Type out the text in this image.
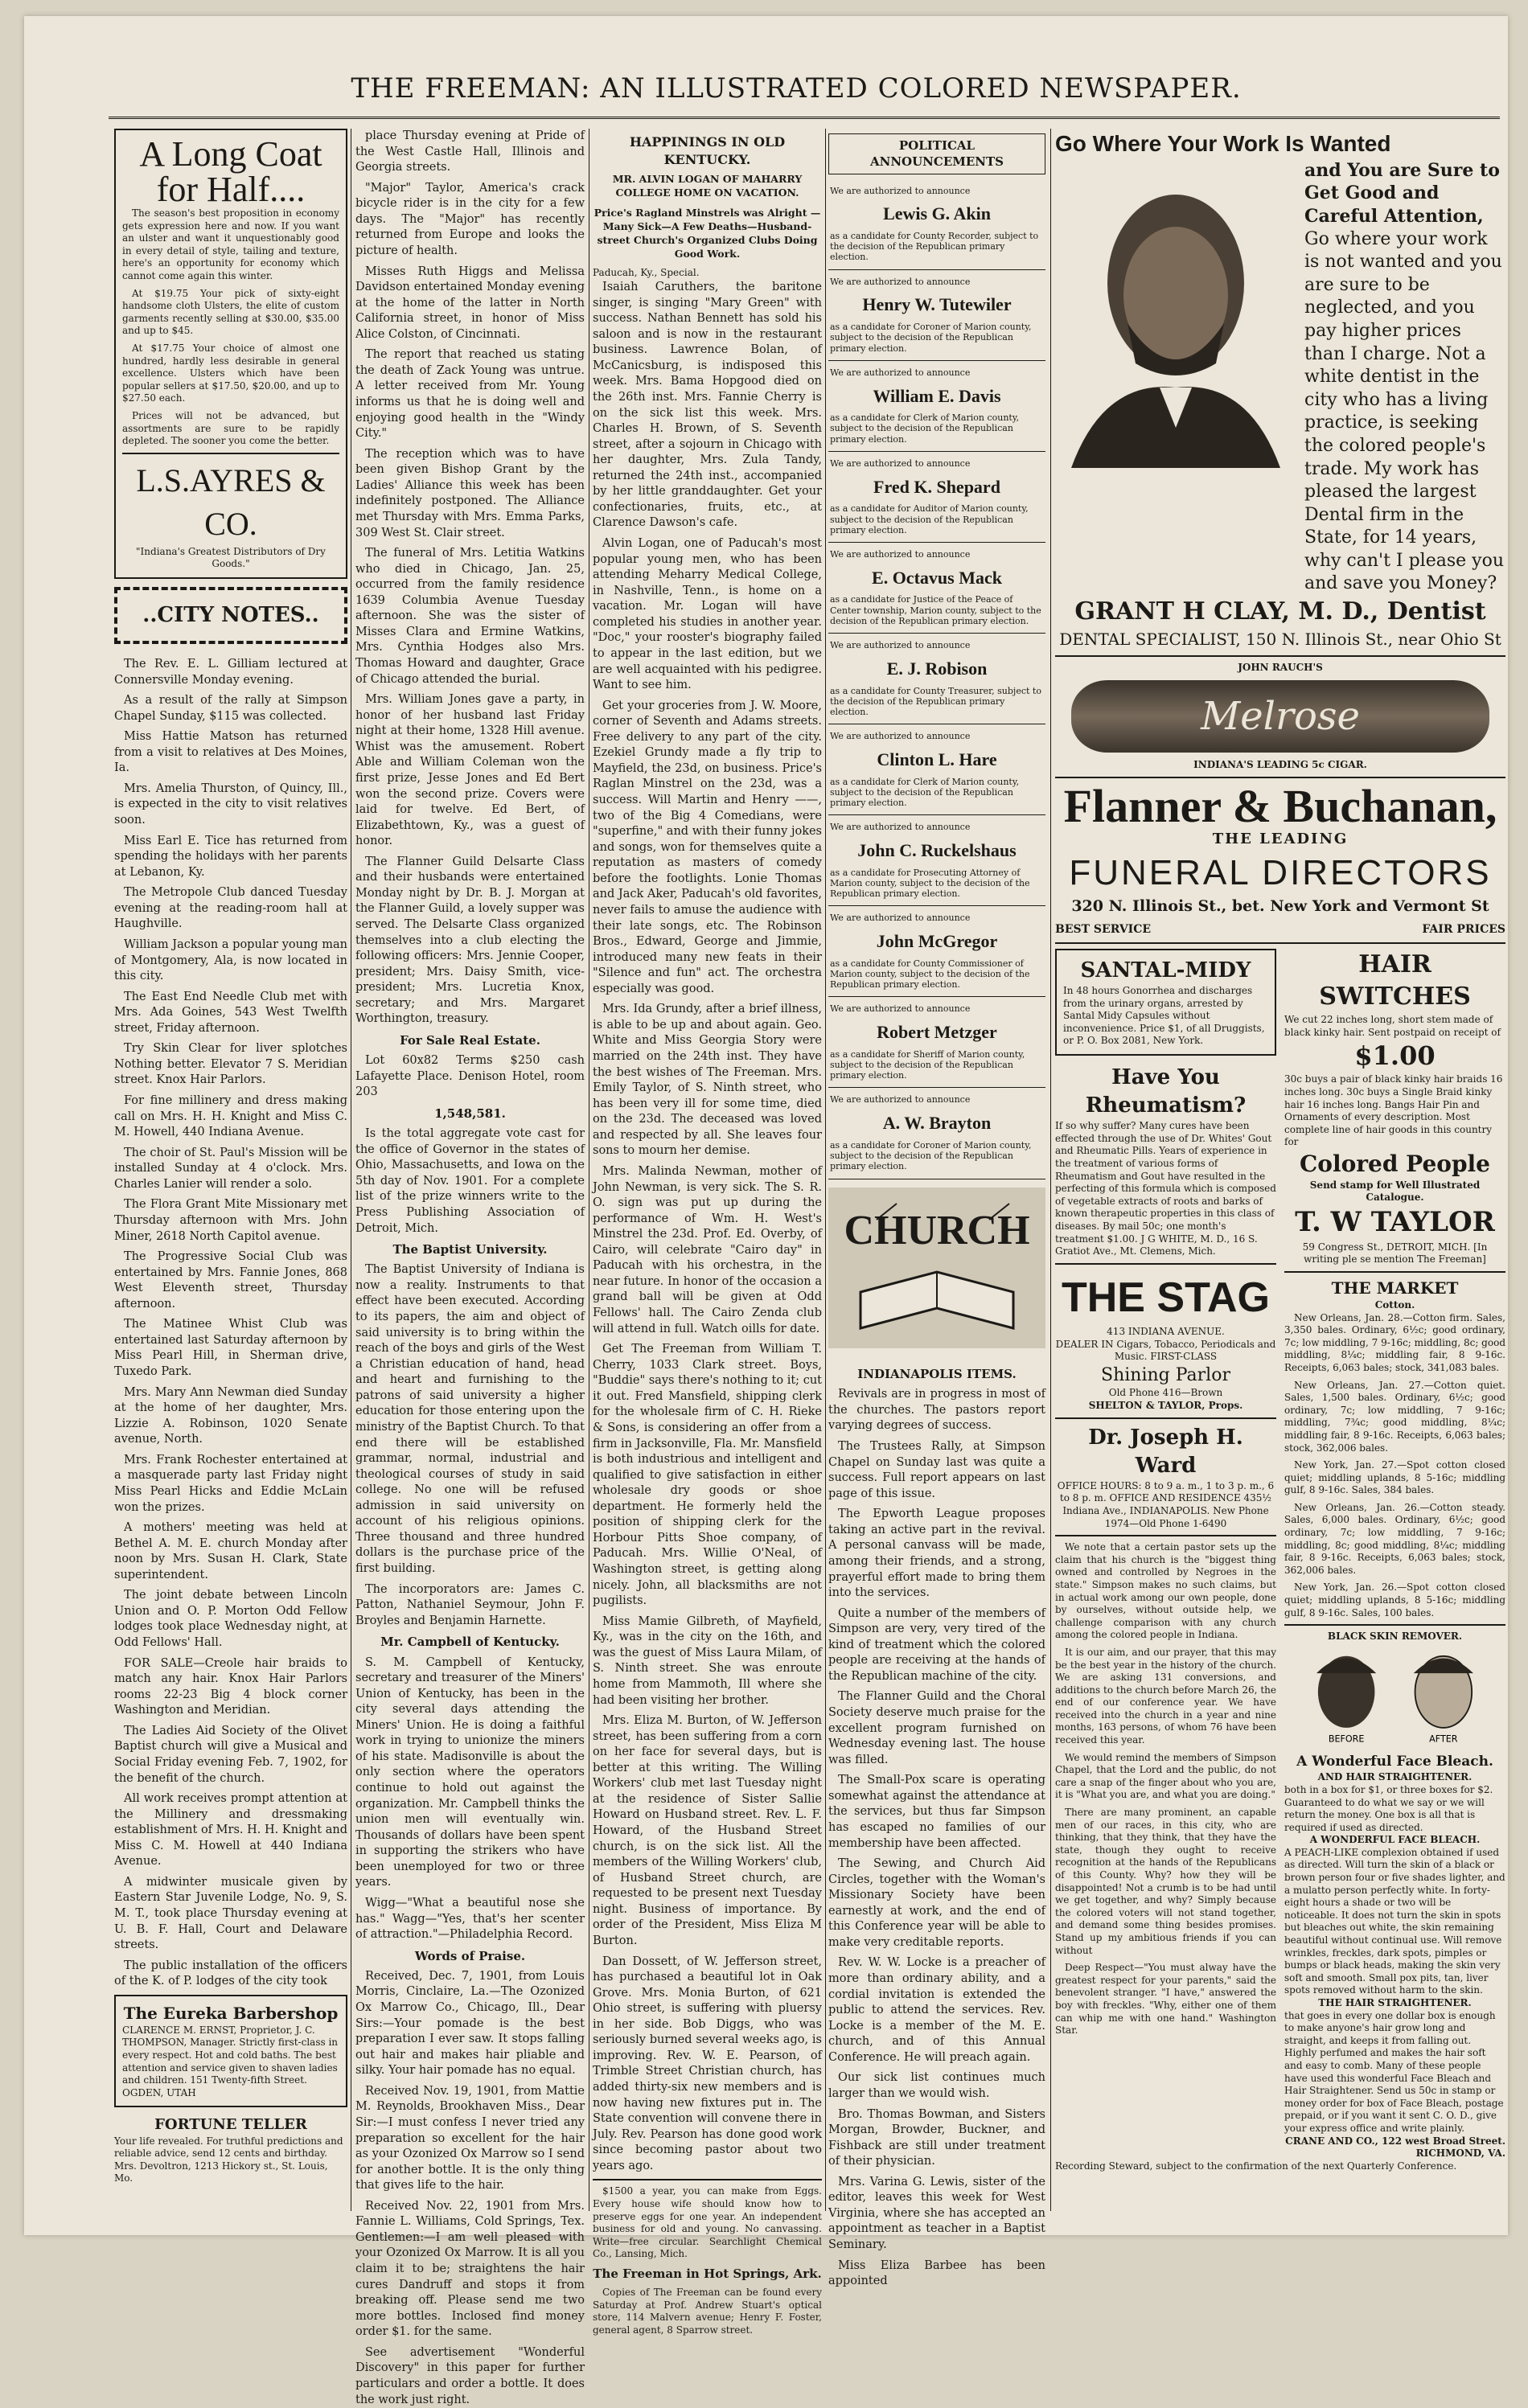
THE FREEMAN: AN ILLUSTRATED COLORED NEWSPAPER.
A Long Coat for Half....

The season's best proposition in economy gets expression here and now. If you want an ulster and want it unquestionably good in every detail of style, tailing and texture, here's an opportunity for economy which cannot come again this winter.

At $19.75 Your pick of sixty-eight handsome cloth Ulsters, the elite of custom garments recently selling at $30.00, $35.00 and up to $45.

At $17.75 Your choice of almost one hundred, hardly less desirable in general excellence. Ulsters which have been popular sellers at $17.50, $20.00, and up to $27.50 each.

Prices will not be advanced, but assortments are sure to be rapidly depleted. The sooner you come the better.

L.S.AYRES & CO.
"Indiana's Greatest Distributors of Dry Goods."
..CITY NOTES..

The Rev. E. L. Gilliam lectured at Connersville Monday evening.

As a result of the rally at Simpson Chapel Sunday, $115 was collected.

Miss Hattie Matson has returned from a visit to relatives at Des Moines, Ia.

Mrs. Amelia Thurston, of Quincy, Ill., is expected in the city to visit relatives soon.

Miss Earl E. Tice has returned from spending the holidays with her parents at Lebanon, Ky.

The Metropole Club danced Tuesday evening at the reading-room hall at Haughville.

William Jackson a popular young man of Montgomery, Ala, is now located in this city.

The East End Needle Club met with Mrs. Ada Goines, 543 West Twelfth street, Friday afternoon.

Try Skin Clear for liver splotches Nothing better. Elevator 7 S. Meridian street. Knox Hair Parlors.

For fine millinery and dress making call on Mrs. H. H. Knight and Miss C. M. Howell, 440 Indiana Avenue.

The choir of St. Paul's Mission will be installed Sunday at 4 o'clock. Mrs. Charles Lanier will render a solo.

The Flora Grant Mite Missionary met Thursday afternoon with Mrs. John Miner, 2618 North Capitol avenue.

The Progressive Social Club was entertained by Mrs. Fannie Jones, 868 West Eleventh street, Thursday afternoon.

The Matinee Whist Club was entertained last Saturday afternoon by Miss Pearl Hill, in Sherman drive, Tuxedo Park.

Mrs. Mary Ann Newman died Sunday at the home of her daughter, Mrs. Lizzie A. Robinson, 1020 Senate avenue, North.

Mrs. Frank Rochester entertained at a masquerade party last Friday night Miss Pearl Hicks and Eddie McLain won the prizes.

A mothers' meeting was held at Bethel A. M. E. church Monday after noon by Mrs. Susan H. Clark, State superintendent.

The joint debate between Lincoln Union and O. P. Morton Odd Fellow lodges took place Wednesday night, at Odd Fellows' Hall.

FOR SALE—Creole hair braids to match any hair. Knox Hair Parlors rooms 22-23 Big 4 block corner Washington and Meridian.

The Ladies Aid Society of the Olivet Baptist church will give a Musical and Social Friday evening Feb. 7, 1902, for the benefit of the church.

All work receives prompt attention at the Millinery and dressmaking establishment of Mrs. H. H. Knight and Miss C. M. Howell at 440 Indiana Avenue.

A midwinter musicale given by Eastern Star Juvenile Lodge, No. 9, S. M. T., took place Thursday evening at U. B. F. Hall, Court and Delaware streets.

The public installation of the officers of the K. of P. lodges of the city took

The Eureka Barbershop
CLARENCE M. ERNST, Proprietor, J. C. THOMPSON, Manager. Strictly first-class in every respect. Hot and cold baths. The best attention and service given to shaven ladies and children. 151 Twenty-fifth Street. OGDEN, UTAH
FORTUNE TELLER
Your life revealed. For truthful predictions and reliable advice, send 12 cents and birthday. Mrs. Devoltron, 1213 Hickory st., St. Louis, Mo.

place Thursday evening at Pride of the West Castle Hall, Illinois and Georgia streets.

"Major" Taylor, America's crack bicycle rider is in the city for a few days. The "Major" has recently returned from Europe and looks the picture of health.

Misses Ruth Higgs and Melissa Davidson entertained Monday evening at the home of the latter in North California street, in honor of Miss Alice Colston, of Cincinnati.

The report that reached us stating the death of Zack Young was untrue. A letter received from Mr. Young informs us that he is doing well and enjoying good health in the "Windy City."

The reception which was to have been given Bishop Grant by the Ladies' Alliance this week has been indefinitely postponed. The Alliance met Thursday with Mrs. Emma Parks, 309 West St. Clair street.

The funeral of Mrs. Letitia Watkins who died in Chicago, Jan. 25, occurred from the family residence 1639 Columbia Avenue Tuesday afternoon. She was the sister of Misses Clara and Ermine Watkins, Mrs. Cynthia Hodges also Mrs. Thomas Howard and daughter, Grace of Chicago attended the burial.

Mrs. William Jones gave a party, in honor of her husband last Friday night at their home, 1328 Hill avenue. Whist was the amusement. Robert Able and William Coleman won the first prize, Jesse Jones and Ed Bert won the second prize. Covers were laid for twelve. Ed Bert, of Elizabethtown, Ky., was a guest of honor.

The Flanner Guild Delsarte Class and their husbands were entertained Monday night by Dr. B. J. Morgan at the Flanner Guild, a lovely supper was served. The Delsarte Class organized themselves into a club electing the following officers: Mrs. Jennie Cooper, president; Mrs. Daisy Smith, vice-president; Mrs. Lucretia Knox, secretary; and Mrs. Margaret Worthington, treasury.

For Sale Real Estate.

Lot 60x82 Terms $250 cash Lafayette Place. Denison Hotel, room 203

1,548,581.

Is the total aggregate vote cast for the office of Governor in the states of Ohio, Massachusetts, and Iowa on the 5th day of Nov. 1901. For a complete list of the prize winners write to the Press Publishing Association of Detroit, Mich.

The Baptist University.

The Baptist University of Indiana is now a reality. Instruments to that effect have been executed. According to its papers, the aim and object of said university is to bring within the reach of the boys and girls of the West a Christian education of hand, head and heart and furnishing to the patrons of said university a higher education for those entering upon the ministry of the Baptist Church. To that end there will be established grammar, normal, industrial and theological courses of study in said college. No one will be refused admission in said university on account of his religious opinions. Three thousand and three hundred dollars is the purchase price of the first building.

The incorporators are: James C. Patton, Nathaniel Seymour, John F. Broyles and Benjamin Harnette.

Mr. Campbell of Kentucky.

S. M. Campbell of Kentucky, secretary and treasurer of the Miners' Union of Kentucky, has been in the city several days attending the Miners' Union. He is doing a faithful work in trying to unionize the miners of his state. Madisonville is about the only section where the operators continue to hold out against the organization. Mr. Campbell thinks the union men will eventually win. Thousands of dollars have been spent in supporting the strikers who have been unemployed for two or three years.

Wigg—"What a beautiful nose she has." Wagg—"Yes, that's her scenter of attraction."—Philadelphia Record.

Words of Praise.

Received, Dec. 7, 1901, from Louis Morris, Cinclaire, La.—The Ozonized Ox Marrow Co., Chicago, Ill., Dear Sirs:—Your pomade is the best preparation I ever saw. It stops falling out hair and makes hair pliable and silky. Your hair pomade has no equal.

Received Nov. 19, 1901, from Mattie M. Reynolds, Brookhaven Miss., Dear Sir:—I must confess I never tried any preparation so excellent for the hair as your Ozonized Ox Marrow so I send for another bottle. It is the only thing that gives life to the hair.

Received Nov. 22, 1901 from Mrs. Fannie L. Williams, Cold Springs, Tex. Gentlemen:—I am well pleased with your Ozonized Ox Marrow. It is all you claim it to be; straightens the hair cures Dandruff and stops it from breaking off. Please send me two more bottles. Inclosed find money order $1. for the same.

See advertisement "Wonderful Discovery" in this paper for further particulars and order a bottle. It does the work just right.

HAPPININGS IN OLD KENTUCKY.
MR. ALVIN LOGAN OF MAHARRY COLLEGE HOME ON VACATION.
Price's Ragland Minstrels was Alright —Many Sick—A Few Deaths—Husband-street Church's Organized Clubs Doing Good Work.
Paducah, Ky., Special.

Isaiah Caruthers, the baritone singer, is singing "Mary Green" with success. Nathan Bennett has sold his saloon and is now in the restaurant business. Lawrence Bolan, of McCanicsburg, is indisposed this week. Mrs. Bama Hopgood died on the 26th inst. Mrs. Fannie Cherry is on the sick list this week. Mrs. Charles H. Brown, of S. Seventh street, after a sojourn in Chicago with her daughter, Mrs. Zula Tandy, returned the 24th inst., accompanied by her little granddaughter. Get your confectionaries, fruits, etc., at Clarence Dawson's cafe.

Alvin Logan, one of Paducah's most popular young men, who has been attending Meharry Medical College, in Nashville, Tenn., is home on a vacation. Mr. Logan will have completed his studies in another year. "Doc," your rooster's biography failed to appear in the last edition, but we are well acquainted with his pedigree. Want to see him.

Get your groceries from J. W. Moore, corner of Seventh and Adams streets. Free delivery to any part of the city. Ezekiel Grundy made a fly trip to Mayfield, the 23d, on business. Price's Raglan Minstrel on the 23d, was a success. Will Martin and Henry ——, two of the Big 4 Comedians, were "superfine," and with their funny jokes and songs, won for themselves quite a reputation as masters of comedy before the footlights. Lonie Thomas and Jack Aker, Paducah's old favorites, never fails to amuse the audience with their late songs, etc. The Robinson Bros., Edward, George and Jimmie, introduced many new feats in their "Silence and fun" act. The orchestra especially was good.

Mrs. Ida Grundy, after a brief illness, is able to be up and about again. Geo. White and Miss Georgia Story were married on the 24th inst. They have the best wishes of The Freeman. Mrs. Emily Taylor, of S. Ninth street, who has been very ill for some time, died on the 23d. The deceased was loved and respected by all. She leaves four sons to mourn her demise.

Mrs. Malinda Newman, mother of John Newman, is very sick. The S. R. O. sign was put up during the performance of Wm. H. West's Minstrel the 23d. Prof. Ed. Overby, of Cairo, will celebrate "Cairo day" in Paducah with his orchestra, in the near future. In honor of the occasion a grand ball will be given at Odd Fellows' hall. The Cairo Zenda club will attend in full. Watch oills for date.

Get The Freeman from William T. Cherry, 1033 Clark street. Boys, "Buddie" says there's nothing to it; cut it out. Fred Mansfield, shipping clerk for the wholesale firm of C. H. Rieke & Sons, is considering an offer from a firm in Jacksonville, Fla. Mr. Mansfield is both industrious and intelligent and qualified to give satisfaction in either wholesale dry goods or shoe department. He formerly held the position of shipping clerk for the Horbour Pitts Shoe company, of Paducah. Mrs. Willie O'Neal, of Washington street, is getting along nicely. John, all blacksmiths are not pugilists.

Miss Mamie Gilbreth, of Mayfield, Ky., was in the city on the 16th, and was the guest of Miss Laura Milam, of S. Ninth street. She was enroute home from Mammoth, Ill where she had been visiting her brother.

Mrs. Eliza M. Burton, of W. Jefferson street, has been suffering from a corn on her face for several days, but is better at this writing. The Willing Workers' club met last Tuesday night at the residence of Sister Sallie Howard on Husband street. Rev. L. F. Howard, of the Husband Street church, is on the sick list. All the members of the Willing Workers' club, of Husband Street church, are requested to be present next Tuesday night. Business of importance. By order of the President, Miss Eliza M Burton.

Dan Dossett, of W. Jefferson street, has purchased a beautiful lot in Oak Grove. Mrs. Monia Burton, of 621 Ohio street, is suffering with pluersy in her side. Bob Diggs, who was seriously burned several weeks ago, is improving. Rev. W. E. Pearson, of Trimble Street Christian church, has added thirty-six new members and is now having new fixtures put in. The State convention will convene there in July. Rev. Pearson has done good work since becoming pastor about two years ago.

$1500 a year, you can make from Eggs. Every house wife should know how to preserve eggs for one year. An independent business for old and young. No canvassing. Write—free circular. Searchlight Chemical Co., Lansing, Mich.

The Freeman in Hot Springs, Ark.

Copies of The Freeman can be found every Saturday at Prof. Andrew Stuart's optical store, 114 Malvern avenue; Henry F. Foster, general agent, 8 Sparrow street.

POLITICAL ANNOUNCEMENTS
We are authorized to announce
Lewis G. Akin
as a candidate for County Recorder, subject to the decision of the Republican primary election.
We are authorized to announce
Henry W. Tutewiler
as a candidate for Coroner of Marion county, subject to the decision of the Republican primary election.
We are authorized to announce
William E. Davis
as a candidate for Clerk of Marion county, subject to the decision of the Republican primary election.
We are authorized to announce
Fred K. Shepard
as a candidate for Auditor of Marion county, subject to the decision of the Republican primary election.
We are authorized to announce
E. Octavus Mack
as a candidate for Justice of the Peace of Center township, Marion county, subject to the decision of the Republican primary election.
We are authorized to announce
E. J. Robison
as a candidate for County Treasurer, subject to the decision of the Republican primary election.
We are authorized to announce
Clinton L. Hare
as a candidate for Clerk of Marion county, subject to the decision of the Republican primary election.
We are authorized to announce
John C. Ruckelshaus
as a candidate for Prosecuting Attorney of Marion county, subject to the decision of the Republican primary election.
We are authorized to announce
John McGregor
as a candidate for County Commissioner of Marion county, subject to the decision of the Republican primary election.
We are authorized to announce
Robert Metzger
as a candidate for Sheriff of Marion county, subject to the decision of the Republican primary election.
We are authorized to announce
A. W. Brayton
as a candidate for Coroner of Marion county, subject to the decision of the Republican primary election.
CHURCH
INDIANAPOLIS ITEMS.

Revivals are in progress in most of the churches. The pastors report varying degrees of success.

The Trustees Rally, at Simpson Chapel on Sunday last was quite a success. Full report appears on last page of this issue.

The Epworth League proposes taking an active part in the revival. A personal canvass will be made, among their friends, and a strong, prayerful effort made to bring them into the services.

Quite a number of the members of Simpson are very, very tired of the kind of treatment which the colored people are receiving at the hands of the Republican machine of the city.

The Flanner Guild and the Choral Society deserve much praise for the excellent program furnished on Wednesday evening last. The house was filled.

The Small-Pox scare is operating somewhat against the attendance at the services, but thus far Simpson has escaped no families of our membership have been affected.

The Sewing, and Church Aid Circles, together with the Woman's Missionary Society have been earnestly at work, and the end of this Conference year will be able to make very creditable reports.

Rev. W. W. Locke is a preacher of more than ordinary ability, and a cordial invitation is extended the public to attend the services. Rev. Locke is a member of the M. E. church, and of this Annual Conference. He will preach again.

Our sick list continues much larger than we would wish.

Bro. Thomas Bowman, and Sisters Morgan, Browder, Buckner, and Fishback are still under treatment of their physician.

Mrs. Varina G. Lewis, sister of the editor, leaves this week for West Virginia, where she has accepted an appointment as teacher in a Baptist Seminary.

Miss Eliza Barbee has been appointed

Go Where Your Work Is Wanted
and You are Sure to Get Good and Careful Attention,
Go where your work is not wanted and you are sure to be neglected, and you pay higher prices than I charge. Not a white dentist in the city who has a living practice, is seeking the colored people's trade. My work has pleased the largest Dental firm in the State, for 14 years, why can't I please you and save you Money?
GRANT H CLAY, M. D., Dentist
DENTAL SPECIALIST, 150 N. Illinois St., near Ohio St
JOHN RAUCH'S
Melrose
INDIANA'S LEADING 5c CIGAR.
Flanner & Buchanan,
THE LEADING
FUNERAL DIRECTORS
320 N. Illinois St., bet. New York and Vermont St
BEST SERVICE	FAIR PRICES
SANTAL-MIDY
In 48 hours Gonorrhea and discharges from the urinary organs, arrested by Santal Midy Capsules without inconvenience. Price $1, of all Druggists, or P. O. Box 2081, New York.
Have You Rheumatism?
If so why suffer? Many cures have been effected through the use of Dr. Whites' Gout and Rheumatic Pills. Years of experience in the treatment of various forms of Rheumatism and Gout have resulted in the perfecting of this formula which is composed of vegetable extracts of roots and barks of known therapeutic properties in this class of diseases. By mail 50c; one month's treatment $1.00. J G WHITE, M. D., 16 S. Gratiot Ave., Mt. Clemens, Mich.
THE STAG
413 INDIANA AVENUE.
DEALER IN Cigars, Tobacco, Periodicals and Music. FIRST-CLASS
Shining Parlor
Old Phone 416—Brown
SHELTON & TAYLOR, Props.
Dr. Joseph H. Ward
OFFICE HOURS: 8 to 9 a. m., 1 to 3 p. m., 6 to 8 p. m. OFFICE AND RESIDENCE 435½ Indiana Ave., INDIANAPOLIS. New Phone 1974—Old Phone 1-6490

We note that a certain pastor sets up the claim that his church is the "biggest thing owned and controlled by Negroes in the state." Simpson makes no such claims, but in actual work among our own people, done by ourselves, without outside help, we challenge comparison with any church among the colored people in Indiana.

It is our aim, and our prayer, that this may be the best year in the history of the church. We are asking 131 conversions, and additions to the church before March 26, the end of our conference year. We have received into the church in a year and nine months, 163 persons, of whom 76 have been received this year.

We would remind the members of Simpson Chapel, that the Lord and the public, do not care a snap of the finger about who you are, it is "What you are, and what you are doing."

There are many prominent, an capable men of our races, in this city, who are thinking, that they think, that they have the state, though they ought to receive recognition at the hands of the Republicans of this County. Why? how they will be disappointed! Not a crumb is to be had until we get together, and why? Simply because the colored voters will not stand together, and demand some thing besides promises. Stand up my ambitious friends if you can without

Deep Respect—"You must alway have the greatest respect for your parents," said the benevolent stranger. "I have," answered the boy with freckles. "Why, either one of them can whip me with one hand." Washington Star.

HAIR SWITCHES
We cut 22 inches long, short stem made of black kinky hair. Sent postpaid on receipt of
$1.00
30c buys a pair of black kinky hair braids 16 inches long. 30c buys a Single Braid kinky hair 16 inches long. Bangs Hair Pin and Ornaments of every description. Most complete line of hair goods in this country for
Colored People
Send stamp for Well Illustrated Catalogue.
T. W TAYLOR
59 Congress St., DETROIT, MICH. [In writing ple se mention The Freeman]
THE MARKET
Cotton.

New Orleans, Jan. 28.—Cotton firm. Sales, 3,350 bales. Ordinary, 6½c; good ordinary, 7c; low middling, 7 9-16c; middling, 8c; good middling, 8¼c; middling fair, 8 9-16c. Receipts, 6,063 bales; stock, 341,083 bales.

New Orleans, Jan. 27.—Cotton quiet. Sales, 1,500 bales. Ordinary, 6½c; good ordinary, 7c; low middling, 7 9-16c; middling, 7¾c; good middling, 8¼c; middling fair, 8 9-16c. Receipts, 6,063 bales; stock, 362,006 bales.

New York, Jan. 27.—Spot cotton closed quiet; middling uplands, 8 5-16c; middling gulf, 8 9-16c. Sales, 384 bales.

New Orleans, Jan. 26.—Cotton steady. Sales, 6,000 bales. Ordinary, 6½c; good ordinary, 7c; low middling, 7 9-16c; middling, 8c; good middling, 8¼c; middling fair, 8 9-16c. Receipts, 6,063 bales; stock, 362,006 bales.

New York, Jan. 26.—Spot cotton closed quiet; middling uplands, 8 5-16c; middling gulf, 8 9-16c. Sales, 100 bales.

BLACK SKIN REMOVER.
BEFORE	AFTER
A Wonderful Face Bleach.
AND HAIR STRAIGHTENER.
both in a box for $1, or three boxes for $2. Guaranteed to do what we say or we will return the money. One box is all that is required if used as directed.
A WONDERFUL FACE BLEACH.
A PEACH-LIKE complexion obtained if used as directed. Will turn the skin of a black or brown person four or five shades lighter, and a mulatto person perfectly white. In forty-eight hours a shade or two will be noticeable. It does not turn the skin in spots but bleaches out white, the skin remaining beautiful without continual use. Will remove wrinkles, freckles, dark spots, pimples or bumps or black heads, making the skin very soft and smooth. Small pox pits, tan, liver spots removed without harm to the skin.
THE HAIR STRAIGHTENER.
that goes in every one dollar box is enough to make anyone's hair grow long and straight, and keeps it from falling out. Highly perfumed and makes the hair soft and easy to comb. Many of these people have used this wonderful Face Bleach and Hair Straightener. Send us 50c in stamp or money order for box of Face Bleach, postage prepaid, or if you want it sent C. O. D., give your express office and write plainly.
CRANE AND CO., 122 west Broad Street. RICHMOND, VA.
Recording Steward, subject to the confirmation of the next Quarterly Conference.
